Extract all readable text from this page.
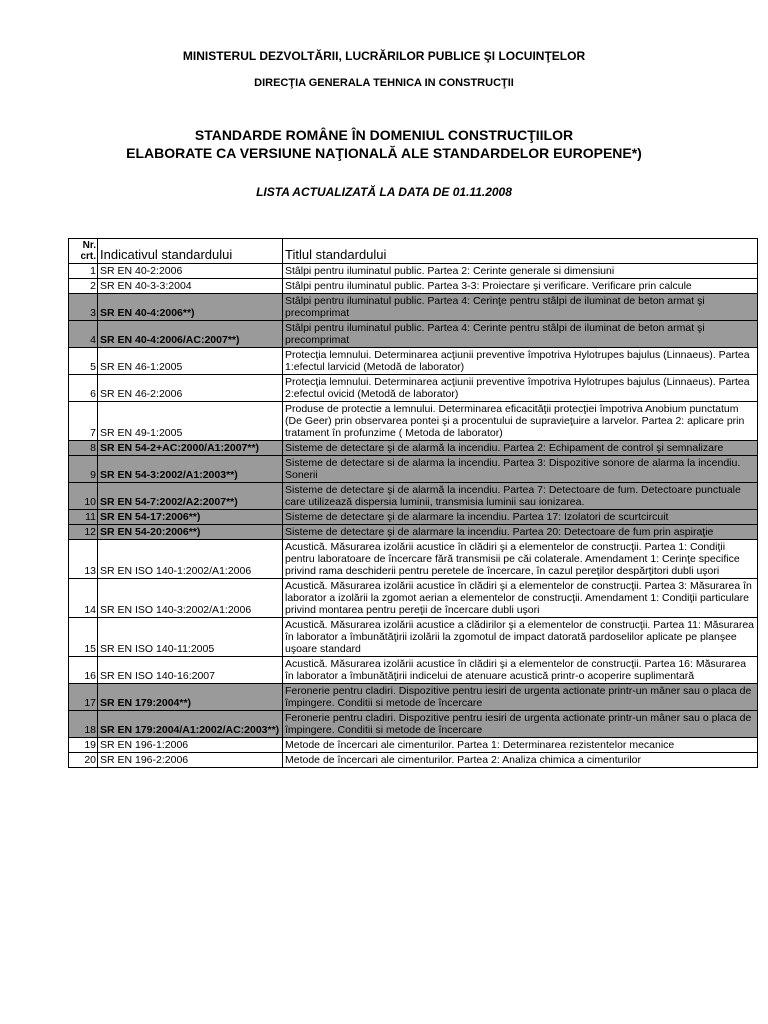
MINISTERUL DEZVOLTĂRII, LUCRĂRILOR PUBLICE ŞI LOCUINŢELOR
DIRECŢIA GENERALA TEHNICA IN CONSTRUCŢII
STANDARDE ROMÂNE ÎN DOMENIUL CONSTRUCŢIILOR
ELABORATE CA VERSIUNE NAŢIONALĂ ALE STANDARDELOR EUROPENE*)
LISTA ACTUALIZATĂ LA DATA DE 01.11.2008
Nr. crt.	Indicativul standardului	Titlul standardului
1	SR EN 40-2:2006	Stâlpi pentru iluminatul public. Partea 2: Cerinte generale si dimensiuni
2	SR EN 40-3-3:2004	Stâlpi pentru iluminatul public. Partea 3-3: Proiectare şi verificare. Verificare prin calcule
3	SR EN 40-4:2006**)	Stâlpi pentru iluminatul public. Partea 4: Cerinţe pentru stâlpi de iluminat de beton armat şi precomprimat
4	SR EN 40-4:2006/AC:2007**)	Stâlpi pentru iluminatul public. Partea 4: Cerinte pentru stâlpi de iluminat de beton armat şi precomprimat
5	SR EN 46-1:2005	Protecţia lemnului. Determinarea acţiunii preventive împotriva Hylotrupes bajulus (Linnaeus). Partea 1:efectul larvicid (Metodă de laborator)
6	SR EN 46-2:2006	Protecţia lemnului. Determinarea acţiunii preventive împotriva Hylotrupes bajulus (Linnaeus). Partea 2:efectul ovicid (Metodă de laborator)
7	SR EN 49-1:2005	Produse de protectie a lemnului. Determinarea eficacităţii protecţiei împotriva Anobium punctatum (De Geer) prin observarea pontei şi a procentului de supravieţuire a larvelor. Partea 2: aplicare prin tratament în profunzime ( Metoda de laborator)
8	SR EN 54-2+AC:2000/A1:2007**)	Sisteme de detectare şi de alarmă la incendiu. Partea 2: Echipament de control şi semnalizare
9	SR EN 54-3:2002/A1:2003**)	Sisteme de detectare si de alarma la incendiu. Partea 3: Dispozitive sonore de alarma la incendiu. Sonerii
10	SR EN 54-7:2002/A2:2007**)	Sisteme de detectare şi de alarmă la incendiu. Partea 7: Detectoare de fum. Detectoare punctuale care utilizează dispersia luminii, transmisia luminii sau ionizarea.
11	SR EN 54-17:2006**)	Sisteme de detectare şi de alarmare la incendiu. Partea 17: Izolatori de scurtcircuit
12	SR EN 54-20:2006**)	Sisteme de detectare şi de alarmare la incendiu. Partea 20: Detectoare de fum prin aspiraţie
13	SR EN ISO 140-1:2002/A1:2006	Acustică. Măsurarea izolării acustice în clădiri şi a elementelor de construcţii. Partea 1: Condiţii pentru laboratoare de încercare fără transmisii pe căi colaterale. Amendament 1: Cerinţe specifice privind rama deschiderii pentru peretele de încercare, în cazul pereţilor despărţitori dubli uşori
14	SR EN ISO 140-3:2002/A1:2006	Acustică. Măsurarea izolării acustice în clădiri şi a elementelor de construcţii. Partea 3: Măsurarea în laborator a izolării la zgomot aerian a elementelor de construcţii. Amendament 1: Condiţii particulare privind montarea pentru pereţii de încercare dubli uşori
15	SR EN ISO 140-11:2005	Acustică. Măsurarea izolării acustice a clădirilor şi a elementelor de construcţii. Partea 11: Măsurarea în laborator a îmbunătăţirii izolării la zgomotul de impact datorată pardoselilor aplicate pe planşee uşoare standard
16	SR EN ISO 140-16:2007	Acustică. Măsurarea izolării acustice în clădiri şi a elementelor de construcţii. Partea 16: Măsurarea în laborator a îmbunătăţirii indicelui de atenuare acustică printr-o acoperire suplimentară
17	SR EN 179:2004**)	Feronerie pentru cladiri. Dispozitive pentru iesiri de urgenta actionate printr-un mâner sau o placa de împingere. Conditii si metode de încercare
18	SR EN 179:2004/A1:2002/AC:2003**)	Feronerie pentru cladiri. Dispozitive pentru iesiri de urgenta actionate printr-un mâner sau o placa de împingere. Conditii si metode de încercare
19	SR EN 196-1:2006	Metode de încercari ale cimenturilor. Partea 1: Determinarea rezistentelor mecanice
20	SR EN 196-2:2006	Metode de încercari ale cimenturilor. Partea 2: Analiza chimica a cimenturilor
